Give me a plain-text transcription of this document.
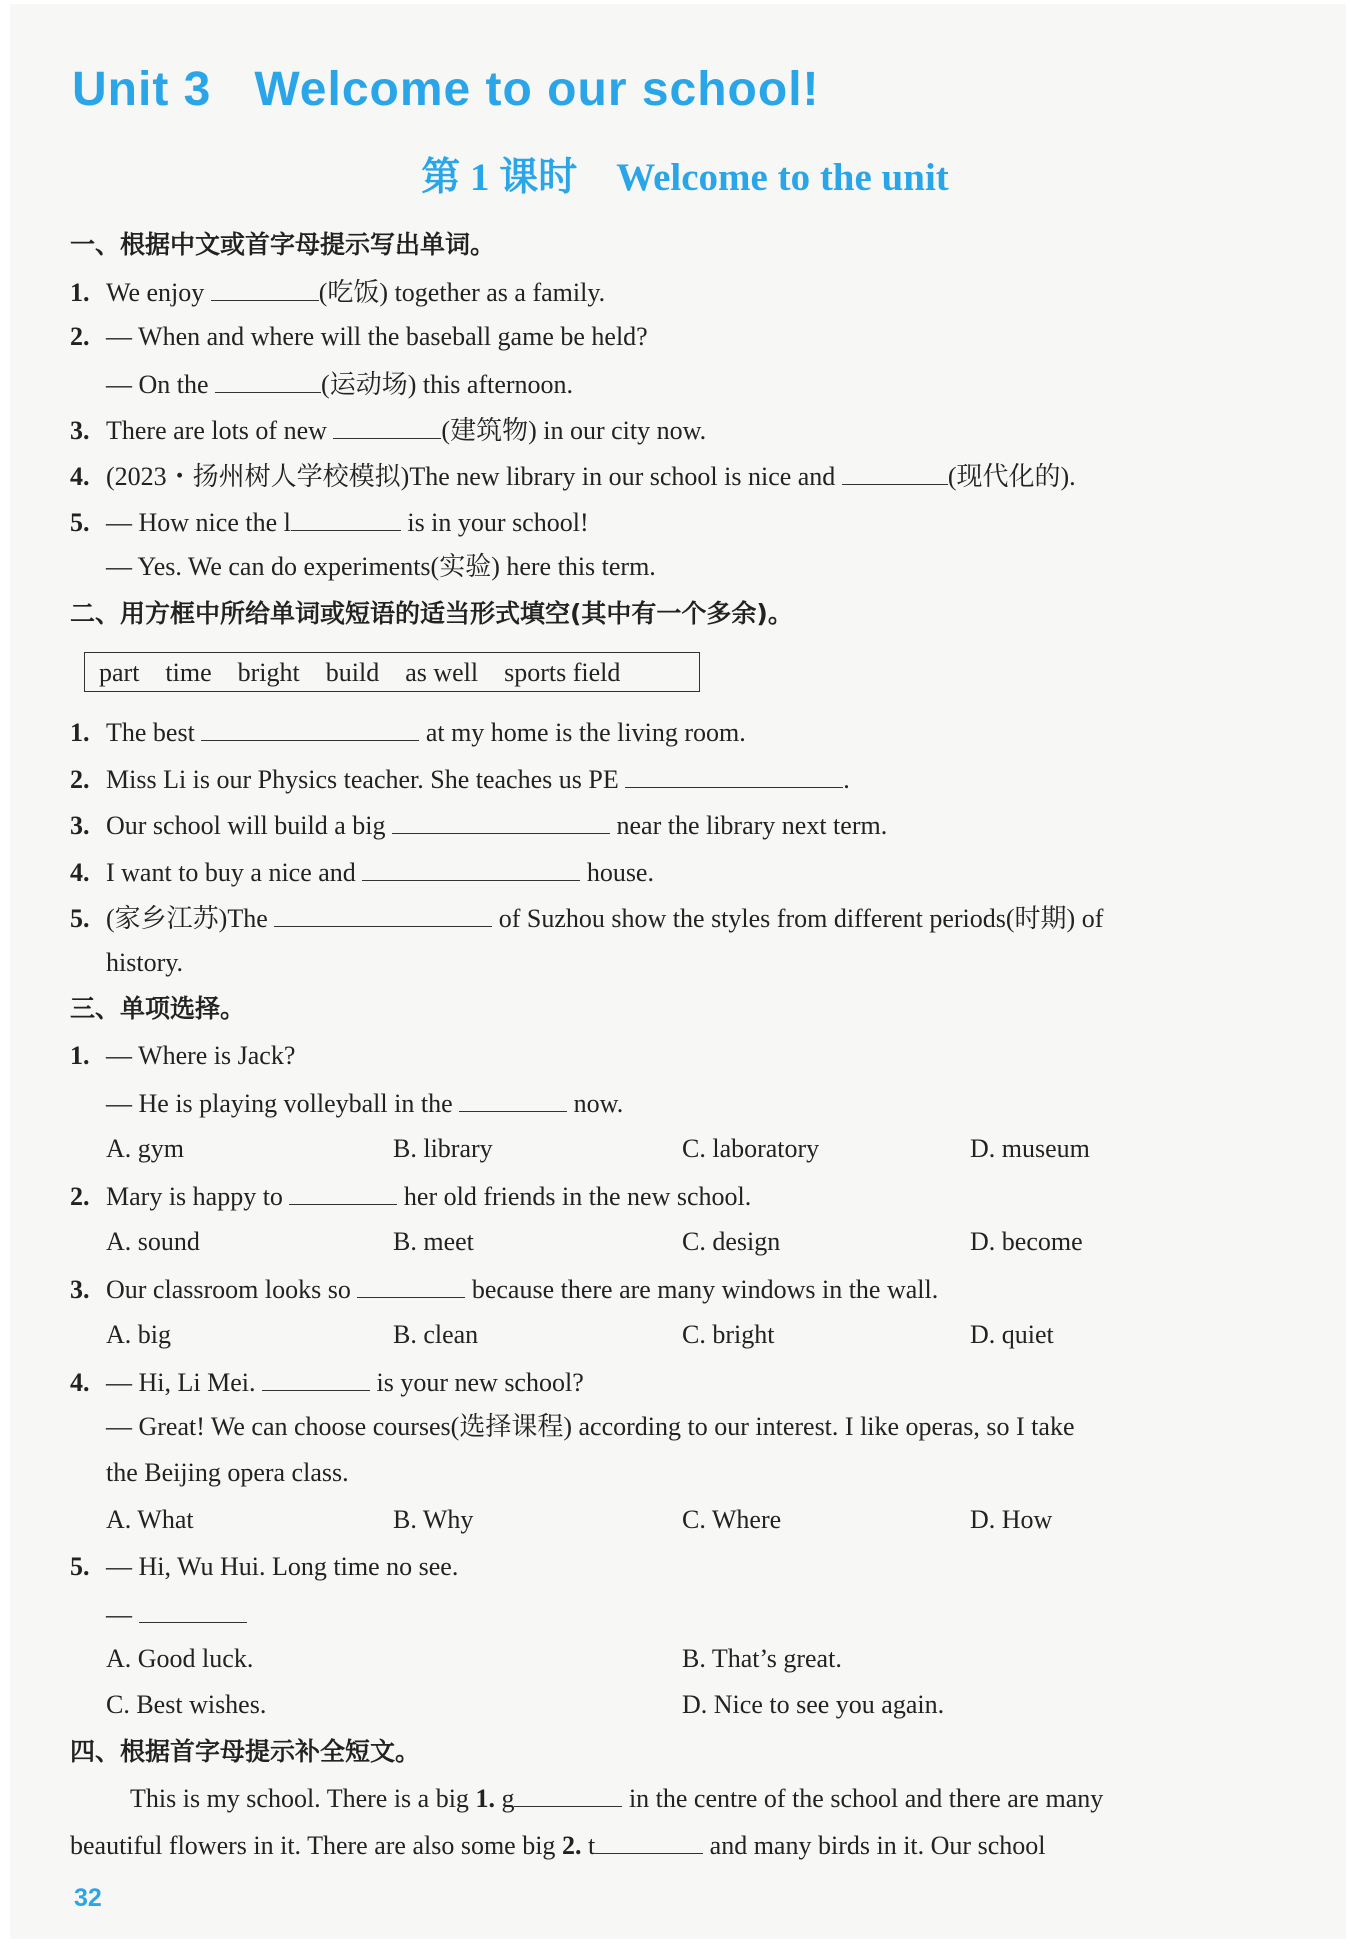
Unit 3   Welcome to our school!
第 1 课时    Welcome to the unit
一、根据中文或首字母提示写出单词。
1. We enjoy	(吃饭) together as a family.
2. — When and where will the baseball game be held?
— On the	(运动场) this afternoon.
3. There are lots of new	(建筑物) in our city now.
4. (2023・扬州树人学校模拟)The new library in our school is nice and	(现代化的).
5. — How nice the l	is in your school!
— Yes. We can do experiments(实验) here this term.
二、用方框中所给单词或短语的适当形式填空(其中有一个多余)。
part time bright build as well sports field
1. The best	at my home is the living room.
2. Miss Li is our Physics teacher. She teaches us PE	.
3. Our school will build a big	near the library next term.
4. I want to buy a nice and	house.
5. (家乡江苏)The	of Suzhou show the styles from different periods(时期) of
history.
三、单项选择。
1. — Where is Jack?
— He is playing volleyball in the	now.
A. gym	B. library	C. laboratory	D. museum
2. Mary is happy to	her old friends in the new school.
A. sound	B. meet	C. design	D. become
3. Our classroom looks so	because there are many windows in the wall.
A. big	B. clean	C. bright	D. quiet
4. — Hi, Li Mei.	is your new school?
— Great! We can choose courses(选择课程) according to our interest. I like operas, so I take
the Beijing opera class.
A. What	B. Why	C. Where	D. How
5. — Hi, Wu Hui. Long time no see.
—
A. Good luck.	B. That’s great.
C. Best wishes.	D. Nice to see you again.
四、根据首字母提示补全短文。
This is my school. There is a big 1. g	in the centre of the school and there are many
beautiful flowers in it. There are also some big 2. t	and many birds in it. Our school
32
